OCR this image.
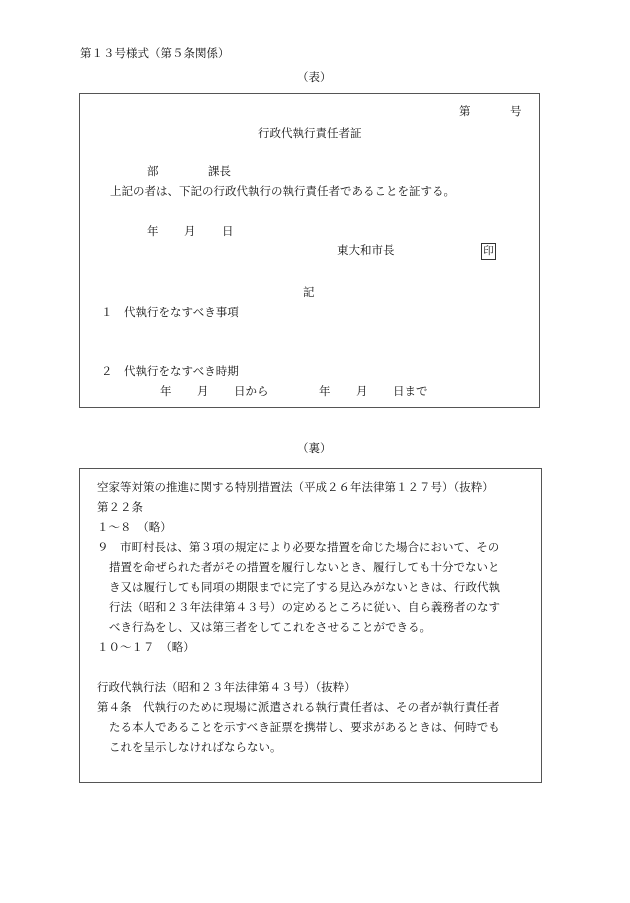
第１３号様式（第５条関係）
（表）
第	号
行政代執行責任者証
部	課長
上記の者は、下記の行政代執行の執行責任者であることを証する。
年 月 日
東大和市長	印
記
１　代執行をなすべき事項
２　代執行をなすべき時期
年 月 日から	年 月 日まで
（裏）
空家等対策の推進に関する特別措置法（平成２６年法律第１２７号）（抜粋）
第２２条
１～８　（略）
９　市町村長は、第３項の規定により必要な措置を命じた場合において、その
措置を命ぜられた者がその措置を履行しないとき、履行しても十分でないと
き又は履行しても同項の期限までに完了する見込みがないときは、行政代執
行法（昭和２３年法律第４３号）の定めるところに従い、自ら義務者のなす
べき行為をし、又は第三者をしてこれをさせることができる。
１０～１７　（略）
行政代執行法（昭和２３年法律第４３号）（抜粋）
第４条　代執行のために現場に派遣される執行責任者は、その者が執行責任者
たる本人であることを示すべき証票を携帯し、要求があるときは、何時でも
これを呈示しなければならない。
